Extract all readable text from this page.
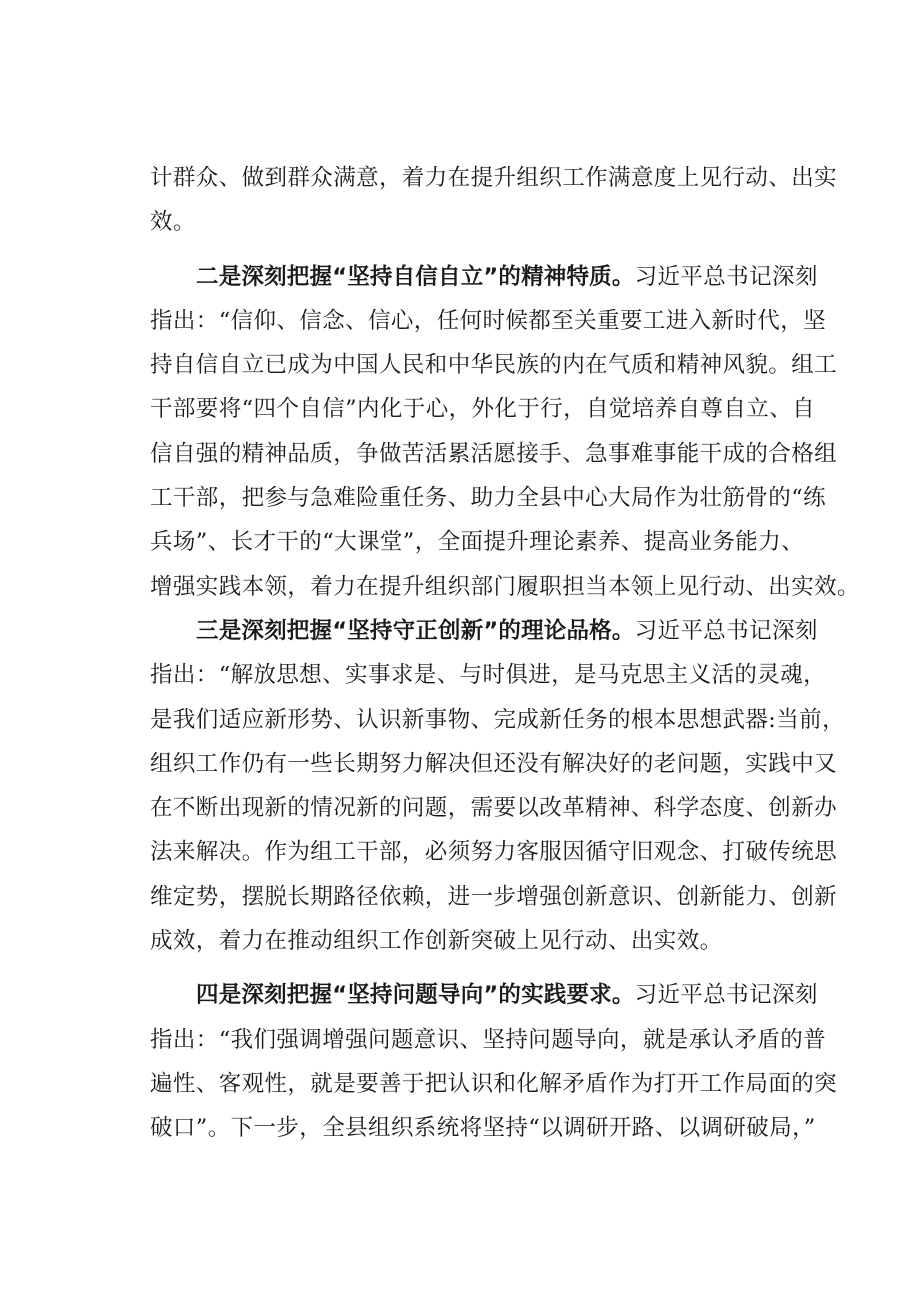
计群众、做到群众满意，着力在提升组织工作满意度上见行动、出实
效。
二是深刻把握“坚持自信自立”的精神特质。习近平总书记深刻
指出：“信仰、信念、信心，任何时候都至关重要工进入新时代，坚
持自信自立已成为中国人民和中华民族的内在气质和精神风貌。组工
干部要将“四个自信”内化于心，外化于行，自觉培养自尊自立、自
信自强的精神品质，争做苦活累活愿接手、急事难事能干成的合格组
工干部，把参与急难险重任务、助力全县中心大局作为壮筋骨的“练
兵场”、长才干的“大课堂”，全面提升理论素养、提高业务能力、
增强实践本领，着力在提升组织部门履职担当本领上见行动、出实效。
三是深刻把握“坚持守正创新”的理论品格。习近平总书记深刻
指出：“解放思想、实事求是、与时俱进，是马克思主义活的灵魂，
是我们适应新形势、认识新事物、完成新任务的根本思想武器:当前，
组织工作仍有一些长期努力解决但还没有解决好的老问题，实践中又
在不断出现新的情况新的问题，需要以改革精神、科学态度、创新办
法来解决。作为组工干部，必须努力客服因循守旧观念、打破传统思
维定势，摆脱长期路径依赖，进一步增强创新意识、创新能力、创新
成效，着力在推动组织工作创新突破上见行动、出实效。
四是深刻把握“坚持问题导向”的实践要求。习近平总书记深刻
指出：“我们强调增强问题意识、坚持问题导向，就是承认矛盾的普
遍性、客观性，就是要善于把认识和化解矛盾作为打开工作局面的突
破口”。下一步，全县组织系统将坚持“以调研开路、以调研破局，”
